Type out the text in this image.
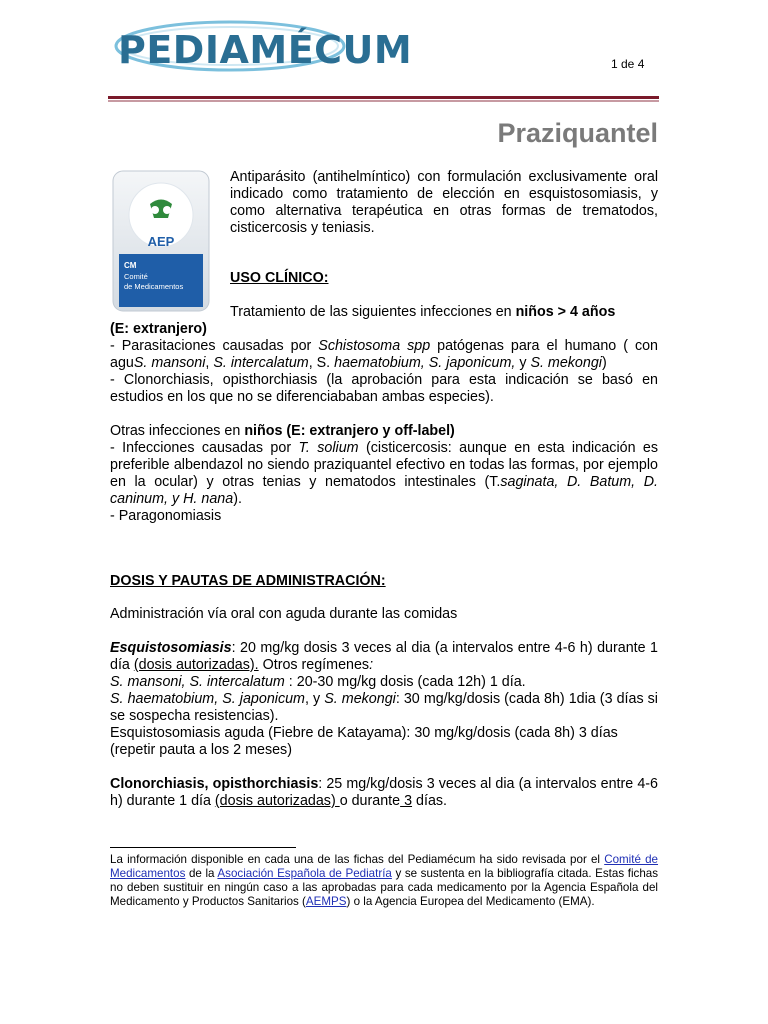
PEDIAMÉCUM	1 de 4
Praziquantel
AEP
CM
Comité
de Medicamentos
Antiparásito (antihelmíntico) con formulación exclusivamente oral indicado como tratamiento de elección en esquistosomiasis, y como alternativa terapéutica en otras formas de trematodos, cisticercosis y teniasis.
USO CLÍNICO:
Tratamiento de las siguientes infecciones en niños > 4 años

(E: extranjero)

- Parasitaciones causadas por Schistosoma spp patógenas para el humano ( con aguS. mansoni, S. intercalatum, S. haematobium, S. japonicum, y S. mekongi)

- Clonorchiasis, opisthorchiasis (la aprobación para esta indicación se basó en estudios en los que no se diferenciababan ambas especies).

Otras infecciones en niños (E: extranjero y off-label)

- Infecciones causadas por T. solium (cisticercosis: aunque en esta indicación es preferible albendazol no siendo praziquantel efectivo en todas las formas, por ejemplo en la ocular) y otras tenias y nematodos intestinales (T.saginata, D. Batum, D. caninum, y H. nana).

- Paragonomiasis

DOSIS Y PAUTAS DE ADMINISTRACIÓN:

Administración vía oral con aguda durante las comidas

Esquistosomiasis: 20 mg/kg dosis 3 veces al dia (a intervalos entre 4-6 h) durante 1 día (dosis autorizadas). Otros regímenes:

S. mansoni, S. intercalatum : 20-30 mg/kg dosis (cada 12h) 1 día.

S. haematobium, S. japonicum, y S. mekongi: 30 mg/kg/dosis (cada 8h) 1dia (3 días si se sospecha resistencias).

Esquistosomiasis aguda (Fiebre de Katayama): 30 mg/kg/dosis (cada 8h) 3 días (repetir pauta a los 2 meses)

Clonorchiasis, opisthorchiasis: 25 mg/kg/dosis 3 veces al dia (a intervalos entre 4-6 h) durante 1 día (dosis autorizadas) o durante 3 días.

La información disponible en cada una de las fichas del Pediamécum ha sido revisada por el Comité de Medicamentos de la Asociación Española de Pediatría y se sustenta en la bibliografía citada. Estas fichas no deben sustituir en ningún caso a las aprobadas para cada medicamento por la Agencia Española del Medicamento y Productos Sanitarios (AEMPS) o la Agencia Europea del Medicamento (EMA).
